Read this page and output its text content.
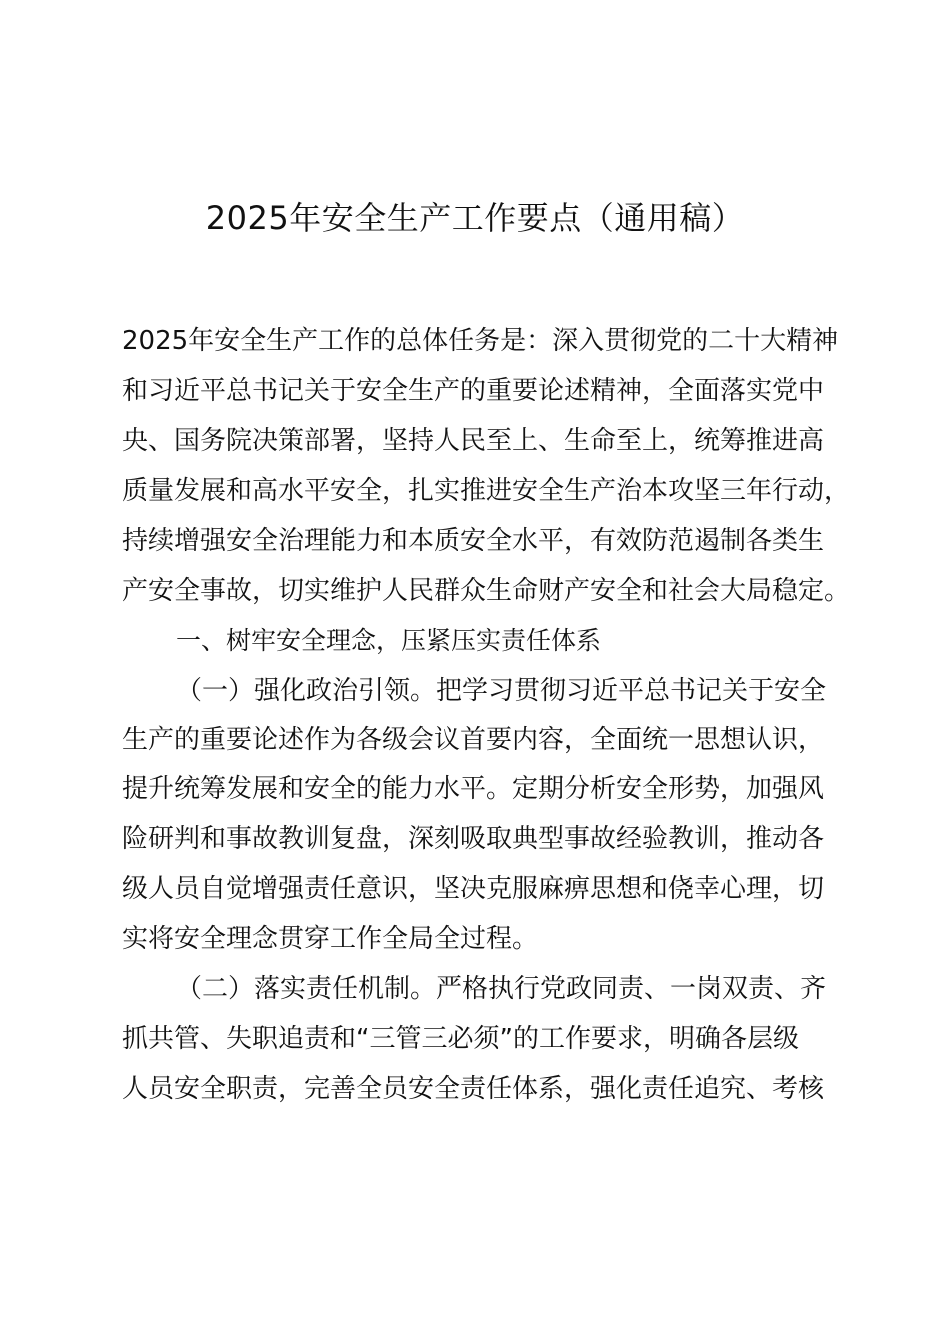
2025年安全生产工作要点（通用稿）
2025年安全生产工作的总体任务是：深入贯彻党的二十大精神
和习近平总书记关于安全生产的重要论述精神，全面落实党中
央、国务院决策部署，坚持人民至上、生命至上，统筹推进高
质量发展和高水平安全，扎实推进安全生产治本攻坚三年行动，
持续增强安全治理能力和本质安全水平，有效防范遏制各类生
产安全事故，切实维护人民群众生命财产安全和社会大局稳定。
一、树牢安全理念，压紧压实责任体系
（一）强化政治引领。把学习贯彻习近平总书记关于安全
生产的重要论述作为各级会议首要内容，全面统一思想认识，
提升统筹发展和安全的能力水平。定期分析安全形势，加强风
险研判和事故教训复盘，深刻吸取典型事故经验教训，推动各
级人员自觉增强责任意识，坚决克服麻痹思想和侥幸心理，切
实将安全理念贯穿工作全局全过程。
（二）落实责任机制。严格执行党政同责、一岗双责、齐
抓共管、失职追责和“三管三必须”的工作要求，明确各层级
人员安全职责，完善全员安全责任体系，强化责任追究、考核
